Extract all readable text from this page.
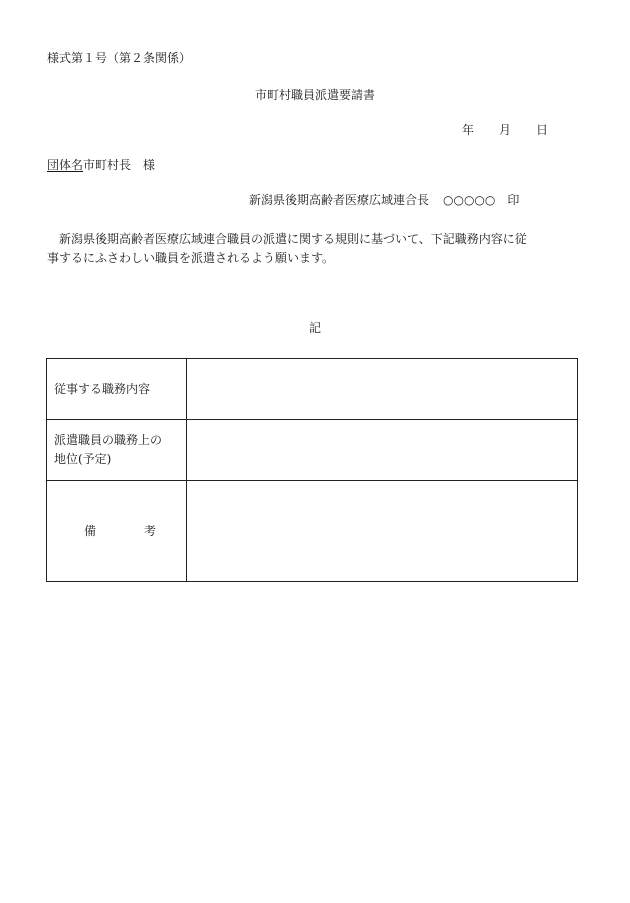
様式第１号（第２条関係）
市町村職員派遣要請書
年 月 日
団体名市町村長　 様
新潟県後期高齢者医療広域連合長 ○○○○○ 印
　新潟県後期高齢者医療広域連合職員の派遣に関する規則に基づいて、下記職務内容に従
事するにふさわしい職員を派遣されるよう願います。
記
従事する職務内容	

派遣職員の職務上の
地位(予定)	

備 考	
